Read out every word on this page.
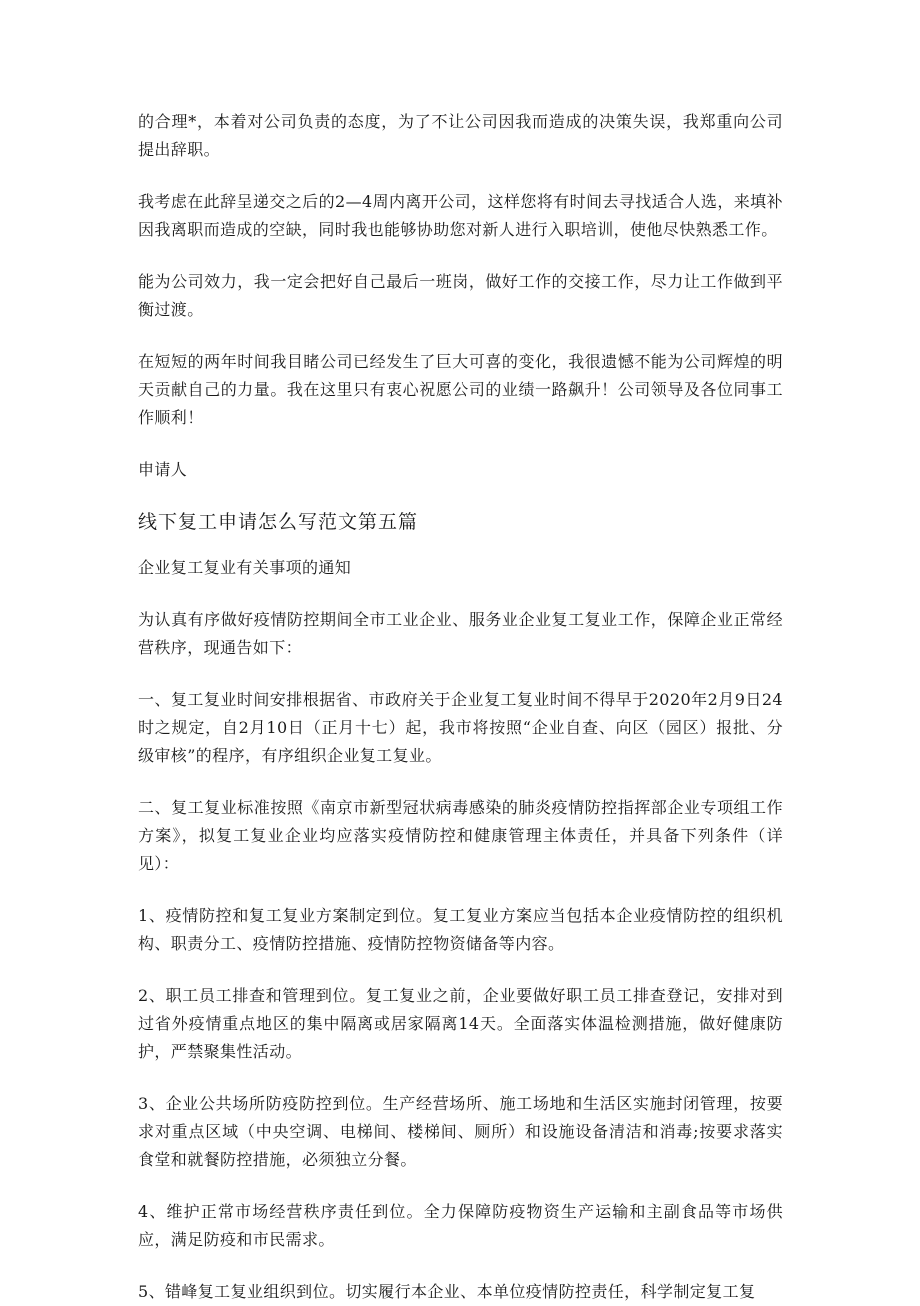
的合理*，本着对公司负责的态度，为了不让公司因我而造成的决策失误，我郑重向公司提出辞职。

我考虑在此辞呈递交之后的2—4周内离开公司，这样您将有时间去寻找适合人选，来填补因我离职而造成的空缺，同时我也能够协助您对新人进行入职培训，使他尽快熟悉工作。

能为公司效力，我一定会把好自己最后一班岗，做好工作的交接工作，尽力让工作做到平衡过渡。

在短短的两年时间我目睹公司已经发生了巨大可喜的变化，我很遗憾不能为公司辉煌的明天贡献自己的力量。我在这里只有衷心祝愿公司的业绩一路飙升！公司领导及各位同事工作顺利！

申请人

线下复工申请怎么写范文第五篇

企业复工复业有关事项的通知

为认真有序做好疫情防控期间全市工业企业、服务业企业复工复业工作，保障企业正常经营秩序，现通告如下：

一、复工复业时间安排根据省、市政府关于企业复工复业时间不得早于2020年2月9日24时之规定，自2月10日（正月十七）起，我市将按照“企业自查、向区（园区）报批、分级审核”的程序，有序组织企业复工复业。

二、复工复业标准按照《南京市新型冠状病毒感染的肺炎疫情防控指挥部企业专项组工作方案》，拟复工复业企业均应落实疫情防控和健康管理主体责任，并具备下列条件（详见）：

1、疫情防控和复工复业方案制定到位。复工复业方案应当包括本企业疫情防控的组织机构、职责分工、疫情防控措施、疫情防控物资储备等内容。

2、职工员工排查和管理到位。复工复业之前，企业要做好职工员工排查登记，安排对到过省外疫情重点地区的集中隔离或居家隔离14天。全面落实体温检测措施，做好健康防护，严禁聚集性活动。

3、企业公共场所防疫防控到位。生产经营场所、施工场地和生活区实施封闭管理，按要求对重点区域（中央空调、电梯间、楼梯间、厕所）和设施设备清洁和消毒;按要求落实食堂和就餐防控措施，必须独立分餐。

4、维护正常市场经营秩序责任到位。全力保障防疫物资生产运输和主副食品等市场供应，满足防疫和市民需求。

5、错峰复工复业组织到位。切实履行本企业、本单位疫情防控责任，科学制定复工复
